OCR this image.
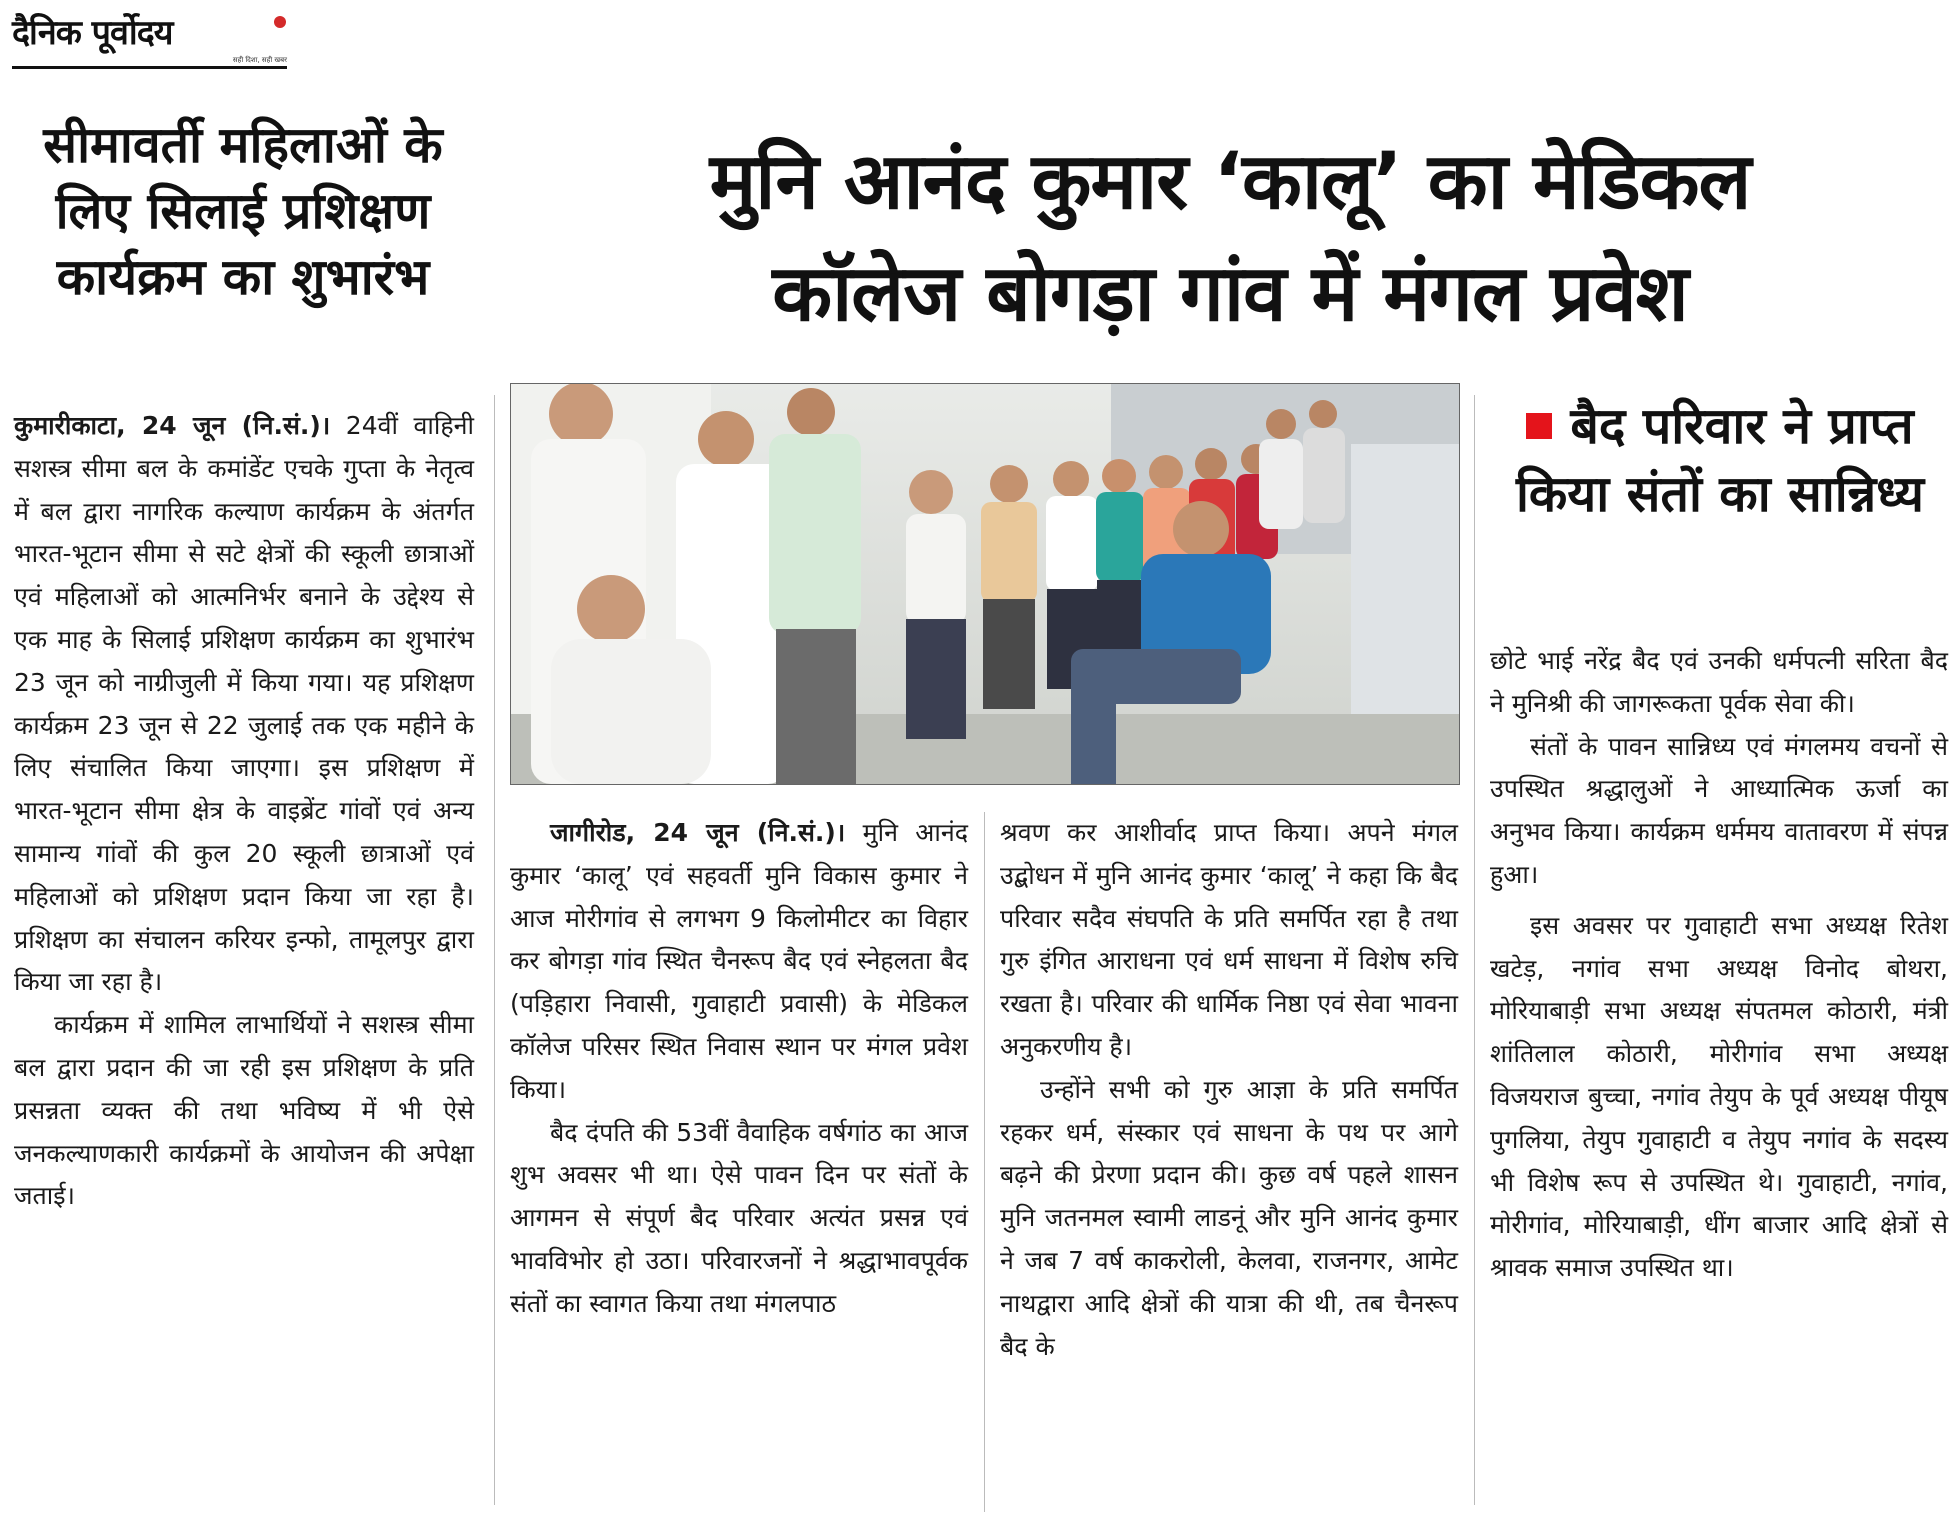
दैनिक पूर्वोदय
सही दिशा, सही खबर
सीमावर्ती महिलाओं के लिए सिलाई प्रशिक्षण कार्यक्रम का शुभारंभ

कुमारीकाटा, 24 जून (नि.सं.)। 24वीं वाहिनी सशस्त्र सीमा बल के कमांडेंट एचके गुप्ता के नेतृत्व में बल द्वारा नागरिक कल्याण कार्यक्रम के अंतर्गत भारत-भूटान सीमा से सटे क्षेत्रों की स्कूली छात्राओं एवं महिलाओं को आत्मनिर्भर बनाने के उद्देश्य से एक माह के सिलाई प्रशिक्षण कार्यक्रम का शुभारंभ 23 जून को नाग्रीजुली में किया गया। यह प्रशिक्षण कार्यक्रम 23 जून से 22 जुलाई तक एक महीने के लिए संचालित किया जाएगा। इस प्रशिक्षण में भारत-भूटान सीमा क्षेत्र के वाइब्रेंट गांवों एवं अन्य सामान्य गांवों की कुल 20 स्कूली छात्राओं एवं महिलाओं को प्रशिक्षण प्रदान किया जा रहा है। प्रशिक्षण का संचालन करियर इन्फो, तामूलपुर द्वारा किया जा रहा है।

कार्यक्रम में शामिल लाभार्थियों ने सशस्त्र सीमा बल द्वारा प्रदान की जा रही इस प्रशिक्षण के प्रति प्रसन्नता व्यक्त की तथा भविष्य में भी ऐसे जनकल्याणकारी कार्यक्रमों के आयोजन की अपेक्षा जताई।

मुनि आनंद कुमार ‘कालू’ का मेडिकल
कॉलेज बोगड़ा गांव में मंगल प्रवेश

जागीरोड, 24 जून (नि.सं.)। मुनि आनंद कुमार ‘कालू’ एवं सहवर्ती मुनि विकास कुमार ने आज मोरीगांव से लगभग 9 किलोमीटर का विहार कर बोगड़ा गांव स्थित चैनरूप बैद एवं स्नेहलता बैद (पड़िहारा निवासी, गुवाहाटी प्रवासी) के मेडिकल कॉलेज परिसर स्थित निवास स्थान पर मंगल प्रवेश किया।

बैद दंपति की 53वीं वैवाहिक वर्षगांठ का आज शुभ अवसर भी था। ऐसे पावन दिन पर संतों के आगमन से संपूर्ण बैद परिवार अत्यंत प्रसन्न एवं भावविभोर हो उठा। परिवारजनों ने श्रद्धाभावपूर्वक संतों का स्वागत किया तथा मंगलपाठ

श्रवण कर आशीर्वाद प्राप्त किया। अपने मंगल उद्बोधन में मुनि आनंद कुमार ‘कालू’ ने कहा कि बैद परिवार सदैव संघपति के प्रति समर्पित रहा है तथा गुरु इंगित आराधना एवं धर्म साधना में विशेष रुचि रखता है। परिवार की धार्मिक निष्ठा एवं सेवा भावना अनुकरणीय है।

उन्होंने सभी को गुरु आज्ञा के प्रति समर्पित रहकर धर्म, संस्कार एवं साधना के पथ पर आगे बढ़ने की प्रेरणा प्रदान की। कुछ वर्ष पहले शासन मुनि जतनमल स्वामी लाडनूं और मुनि आनंद कुमार ने जब 7 वर्ष काकरोली, केलवा, राजनगर, आमेट नाथद्वारा आदि क्षेत्रों की यात्रा की थी, तब चैनरूप बैद के

बैद परिवार ने प्राप्त किया संतों का सान्निध्य

छोटे भाई नरेंद्र बैद एवं उनकी धर्मपत्नी सरिता बैद ने मुनिश्री की जागरूकता पूर्वक सेवा की।

संतों के पावन सान्निध्य एवं मंगलमय वचनों से उपस्थित श्रद्धालुओं ने आध्यात्मिक ऊर्जा का अनुभव किया। कार्यक्रम धर्ममय वातावरण में संपन्न हुआ।

इस अवसर पर गुवाहाटी सभा अध्यक्ष रितेश खटेड़, नगांव सभा अध्यक्ष विनोद बोथरा, मोरियाबाड़ी सभा अध्यक्ष संपतमल कोठारी, मंत्री शांतिलाल कोठारी, मोरीगांव सभा अध्यक्ष विजयराज बुच्चा, नगांव तेयुप के पूर्व अध्यक्ष पीयूष पुगलिया, तेयुप गुवाहाटी व तेयुप नगांव के सदस्य भी विशेष रूप से उपस्थित थे। गुवाहाटी, नगांव, मोरीगांव, मोरियाबाड़ी, धींग बाजार आदि क्षेत्रों से श्रावक समाज उपस्थित था।
